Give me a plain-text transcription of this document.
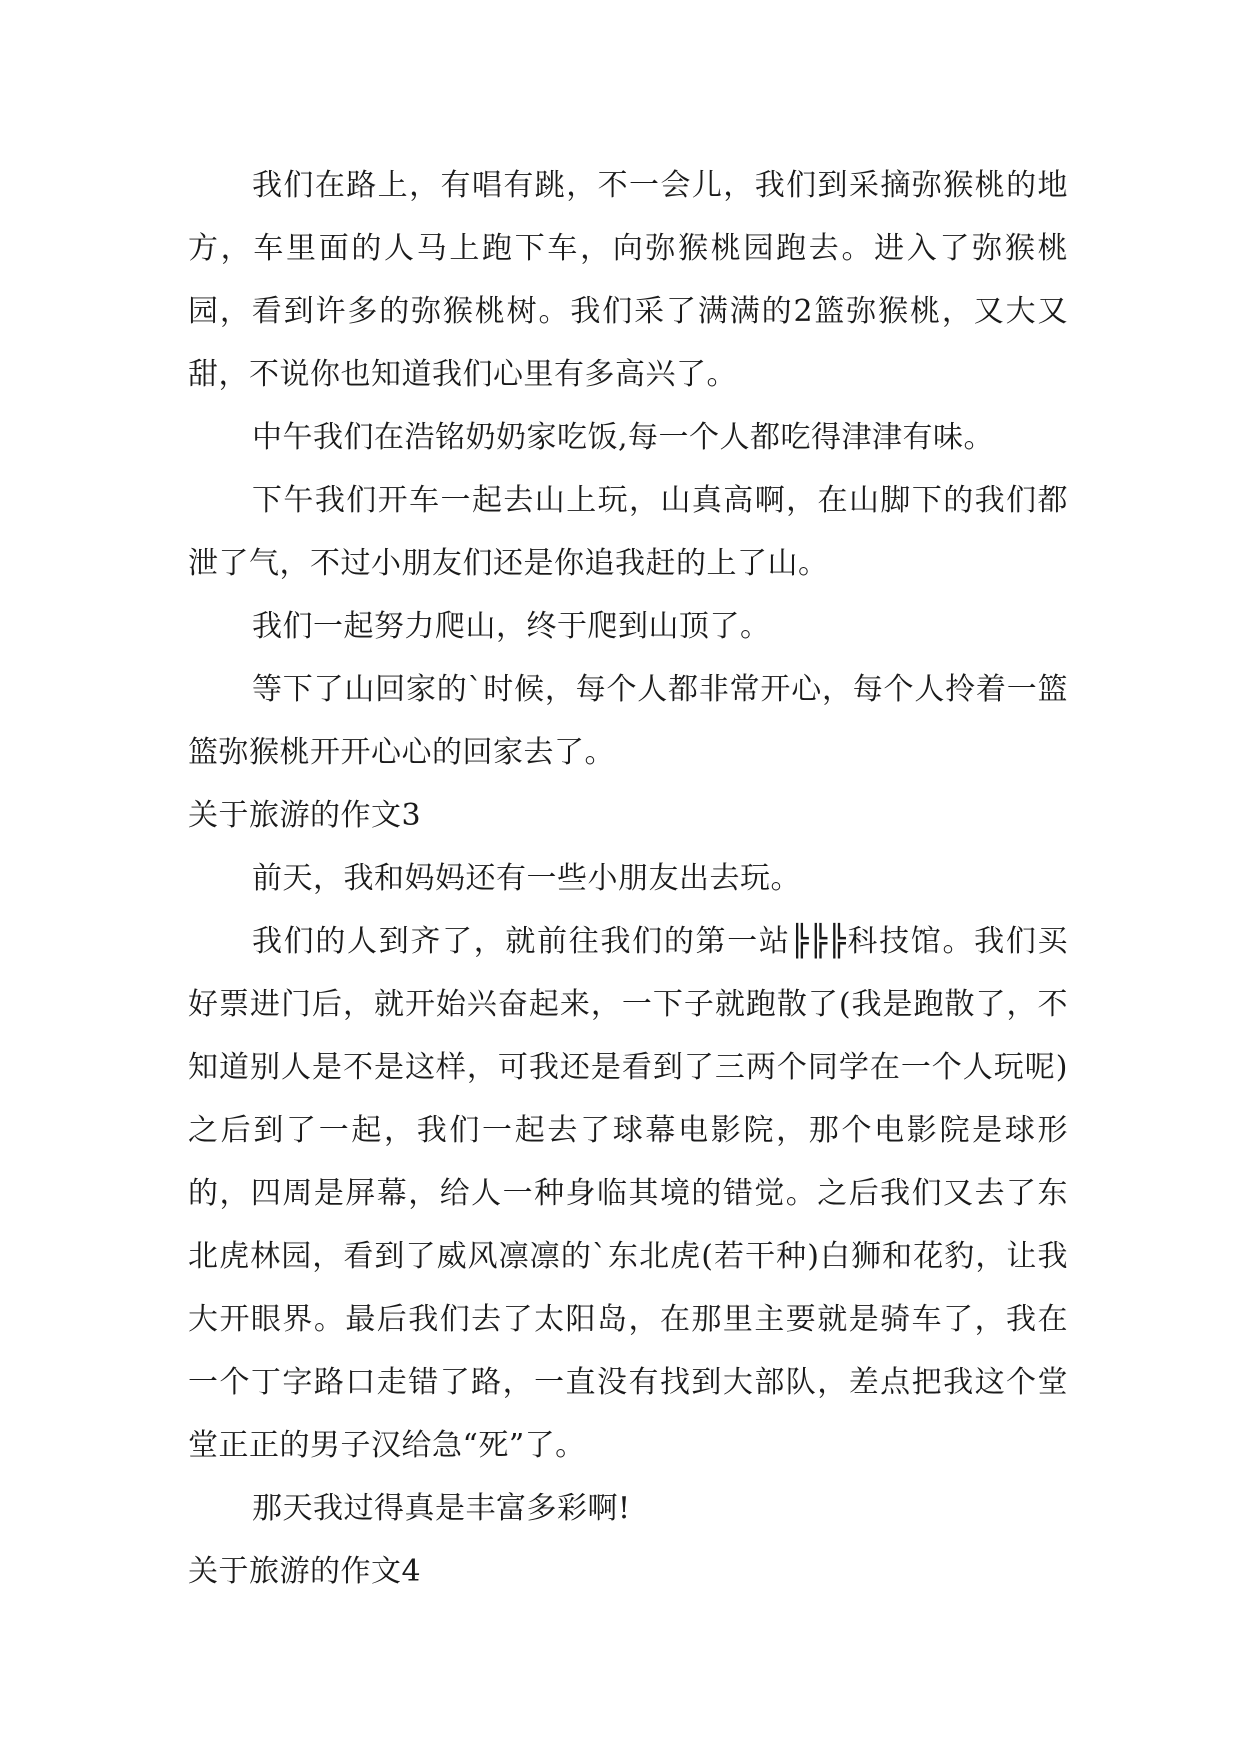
我们在路上，有唱有跳，不一会儿，我们到采摘弥猴桃的地方，车里面的人马上跑下车，向弥猴桃园跑去。进入了弥猴桃园，看到许多的弥猴桃树。我们采了满满的2篮弥猴桃，又大又甜，不说你也知道我们心里有多高兴了。

中午我们在浩铭奶奶家吃饭,每一个人都吃得津津有味。

下午我们开车一起去山上玩，山真高啊，在山脚下的我们都泄了气，不过小朋友们还是你追我赶的上了山。

我们一起努力爬山，终于爬到山顶了。

等下了山回家的`时候，每个人都非常开心，每个人拎着一篮篮弥猴桃开开心心的回家去了。

关于旅游的作文3

前天，我和妈妈还有一些小朋友出去玩。

我们的人到齐了，就前往我们的第一站╠╠╠科技馆。我们买好票进门后，就开始兴奋起来，一下子就跑散了(我是跑散了，不知道别人是不是这样，可我还是看到了三两个同学在一个人玩呢)之后到了一起，我们一起去了球幕电影院，那个电影院是球形的，四周是屏幕，给人一种身临其境的错觉。之后我们又去了东北虎林园，看到了威风凛凛的`东北虎(若干种)白狮和花豹，让我大开眼界。最后我们去了太阳岛，在那里主要就是骑车了，我在一个丁字路口走错了路，一直没有找到大部队，差点把我这个堂堂正正的男子汉给急“死”了。

那天我过得真是丰富多彩啊!

关于旅游的作文4
